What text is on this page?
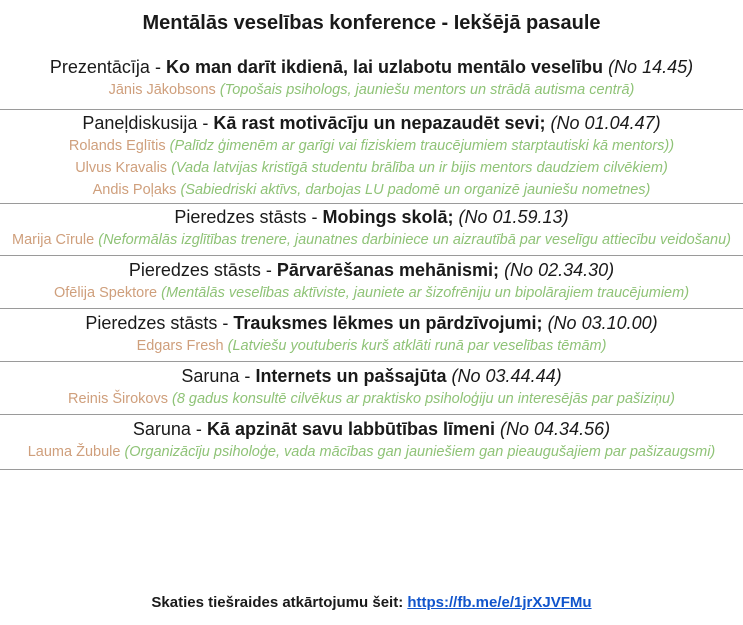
Mentālās veselības konference - Iekšējā pasaule
Prezentācīja - Ko man darīt ikdienā, lai uzlabotu mentālo veselību (No 14.45)
Jānis Jākobsons (Topošais psihologs, jauniešu mentors un strādā autisma centrā)
Paneļdiskusija - Kā rast motivācīju un nepazaudēt sevi; (No 01.04.47)
Rolands Eglītis (Palīdz ģimenēm ar garīgi vai fiziskiem traucējumiem starptautiski kā mentors))
Ulvus Kravalis (Vada latvijas kristīgā studentu brālība un ir bijis mentors daudziem cilvēkiem)
Andis Poļaks (Sabiedriski aktīvs, darbojas LU padomē un organizē jauniešu nometnes)
Pieredzes stāsts - Mobings skolā; (No 01.59.13)
Marija Cīrule (Neformālās izglītības trenere, jaunatnes darbiniece un aizrautībā par veselīgu attiecību veidošanu)
Pieredzes stāsts - Pārvarēšanas mehānismi; (No 02.34.30)
Ofēlija Spektore (Mentālās veselības aktīviste, jauniete ar šizofrēniju un bipolārajiem traucējumiem)
Pieredzes stāsts - Trauksmes lēkmes un pārdzīvojumi; (No 03.10.00)
Edgars Fresh (Latviešu youtuberis kurš atklāti runā par veselības tēmām)
Saruna - Internets un pašsajūta (No 03.44.44)
Reinis Širokovs (8 gadus konsultē cilvēkus ar praktisko psiholoģiju un interesējās par pašiziņu)
Saruna - Kā apzināt savu labbūtības līmeni (No 04.34.56)
Lauma Žubule (Organizācīju psiholoģe, vada mācības gan jauniešiem gan pieaugušajiem par pašizaugsmi)
Skaties tiešraides atkārtojumu šeit: https://fb.me/e/1jrXJVFMu
